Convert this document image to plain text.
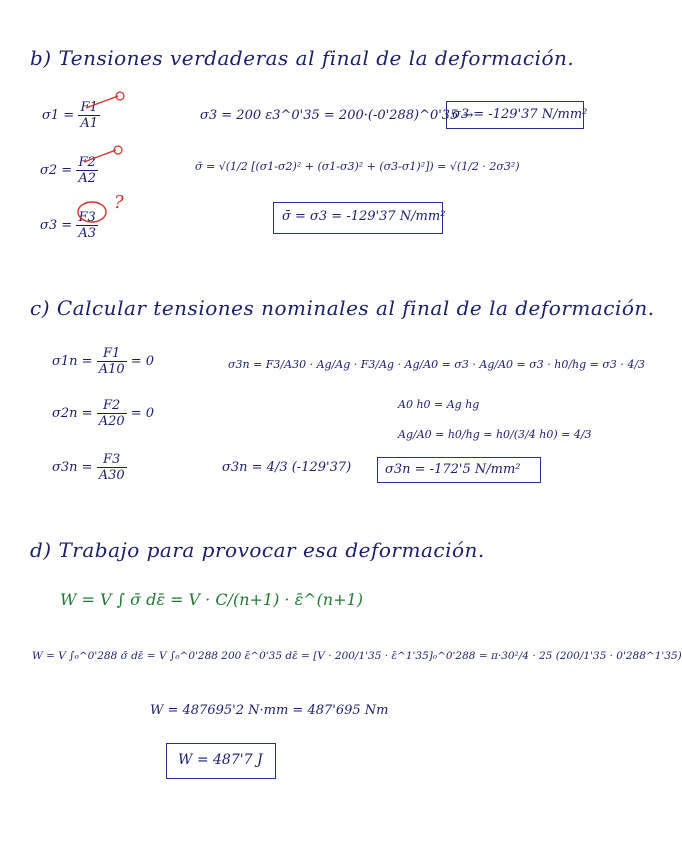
b) Tensiones verdaderas al final de la deformación.
$\sigma 1 = \frac{F1}{A1}$
$\sigma 2 = \frac{F2}{A2}$
$\sigma 3 = \frac{F3}{A3}$
?
σ3 = 200 ε3^0'35 = 200·(-0'288)^0'35 →
σ3 = -129'37 N/mm²
σ̄ = √(1/2 [(σ1-σ2)² + (σ1-σ3)² + (σ3-σ1)²]) = √(1/2 · 2σ3²)
σ̄ = σ3 = -129'37 N/mm²
c) Calcular tensiones nominales al final de la deformación.
$\sigma 1n = \frac{F1}{A10} = 0$
$\sigma 2n = \frac{F2}{A20} = 0$
$\sigma 3n = \frac{F3}{A30}$
σ3n = F3/A30 · Ag/Ag · F3/Ag · Ag/A0 = σ3 · Ag/A0 = σ3 · h0/hg = σ3 · 4/3
A0 h0 = Ag hg
Ag/A0 = h0/hg = h0/(3/4 h0) = 4/3
σ3n = 4/3 (-129'37)	σ3n = -172'5 N/mm²
d) Trabajo para provocar esa deformación.
W = V ∫ σ̄ dε̄ = V · C/(n+1) · ε̄^(n+1)
W = V ∫₀^0'288 σ̄ dε̄ = V ∫₀^0'288 200 ε̄^0'35 dε̄ = [V · 200/1'35 · ε̄^1'35]₀^0'288 = π·30²/4 · 25 (200/1'35 · 0'288^1'35)
W = 487695'2 N·mm = 487'695 Nm
W = 487'7 J
